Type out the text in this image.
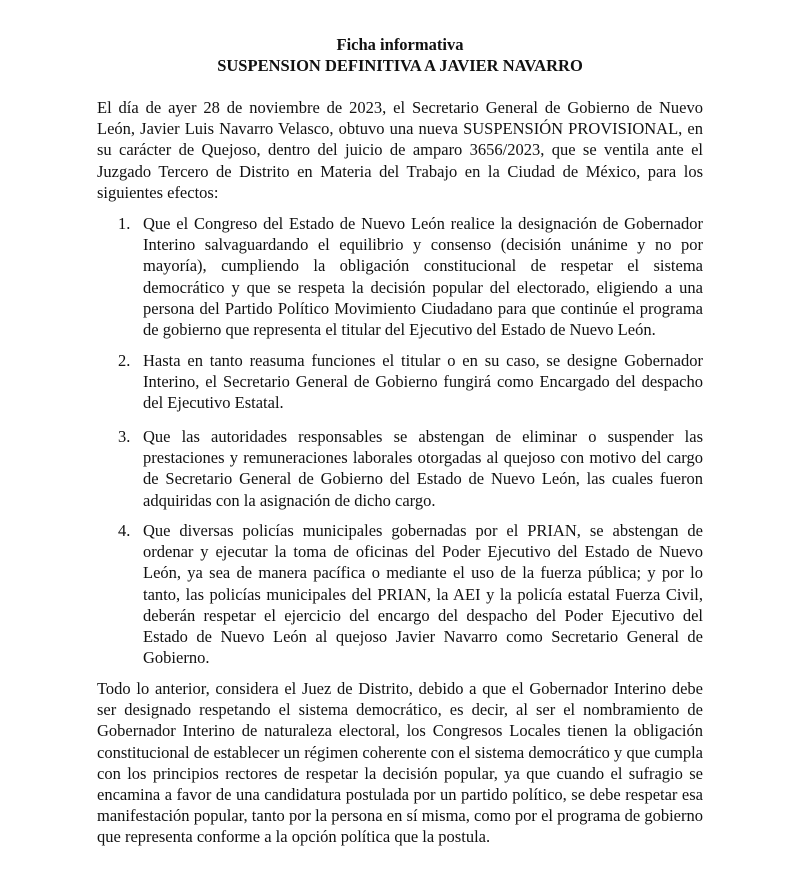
Ficha informativa
SUSPENSION DEFINITIVA A JAVIER NAVARRO

El día de ayer 28 de noviembre de 2023, el Secretario General de Gobierno de Nuevo León, Javier Luis Navarro Velasco, obtuvo una nueva SUSPENSIÓN PROVISIONAL, en su carácter de Quejoso, dentro del juicio de amparo 3656/2023, que se ventila ante el Juzgado Tercero de Distrito en Materia del Trabajo en la Ciudad de México, para los siguientes efectos:

1. Que el Congreso del Estado de Nuevo León realice la designación de Gobernador Interino salvaguardando el equilibrio y consenso (decisión unánime y no por mayoría), cumpliendo la obligación constitucional de respetar el sistema democrático y que se respeta la decisión popular del electorado, eligiendo a una persona del Partido Político Movimiento Ciudadano para que continúe el programa de gobierno que representa el titular del Ejecutivo del Estado de Nuevo León.

2. Hasta en tanto reasuma funciones el titular o en su caso, se designe Gobernador Interino, el Secretario General de Gobierno fungirá como Encargado del despacho del Ejecutivo Estatal.

3. Que las autoridades responsables se abstengan de eliminar o suspender las prestaciones y remuneraciones laborales otorgadas al quejoso con motivo del cargo de Secretario General de Gobierno del Estado de Nuevo León, las cuales fueron adquiridas con la asignación de dicho cargo.

4. Que diversas policías municipales gobernadas por el PRIAN, se abstengan de ordenar y ejecutar la toma de oficinas del Poder Ejecutivo del Estado de Nuevo León, ya sea de manera pacífica o mediante el uso de la fuerza pública; y por lo tanto, las policías municipales del PRIAN, la AEI y la policía estatal Fuerza Civil, deberán respetar el ejercicio del encargo del despacho del Poder Ejecutivo del Estado de Nuevo León al quejoso Javier Navarro como Secretario General de Gobierno.

Todo lo anterior, considera el Juez de Distrito, debido a que el Gobernador Interino debe ser designado respetando el sistema democrático, es decir, al ser el nombramiento de Gobernador Interino de naturaleza electoral, los Congresos Locales tienen la obligación constitucional de establecer un régimen coherente con el sistema democrático y que cumpla con los principios rectores de respetar la decisión popular, ya que cuando el sufragio se encamina a favor de una candidatura postulada por un partido político, se debe respetar esa manifestación popular, tanto por la persona en sí misma, como por el programa de gobierno que representa conforme a la opción política que la postula.
